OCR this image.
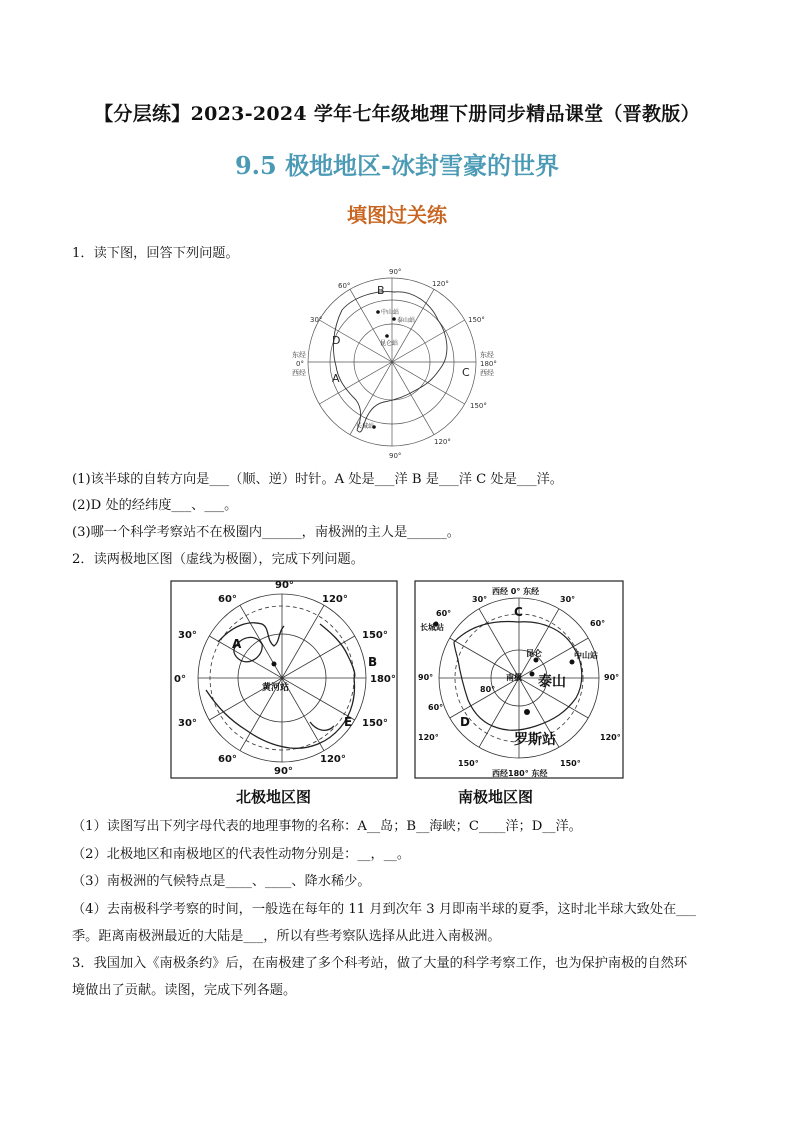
【分层练】2023-2024 学年七年级地理下册同步精品课堂（晋教版）
9.5 极地地区-冰封雪豪的世界
填图过关练
1．读下图，回答下列问题。
90°
120°
60°
30°	150°
东经
0°
西经
东经
180°
西经
150°
120°
90°
A
B
C
D
中山站
泰山站
昆仑站
长城站
(1)该半球的自转方向是___（顺、逆）时针。A 处是___洋 B 是___洋 C 处是___洋。
(2)D 处的经纬度___、___。
(3)哪一个科学考察站不在极圈内______，南极洲的主人是______。
2．读两极地区图（虚线为极圈），完成下列问题。
90°
60°	120°
30°	150°
0°	180°
30°	150°
60°	120°
90°
A
B
E
黄河站
北极地区图
西经 0° 东经
西经180° 东经
60°
30°
90°
60°
120°
150°
30°
60°
90°
120°
150°
80°
南极
昆仑	中山站
长城站
C
D
泰山
罗斯站
南极地区图
（1）读图写出下列字母代表的地理事物的名称：A__岛；B__海峡；C____洋；D__洋。
（2）北极地区和南极地区的代表性动物分别是：__，__。
（3）南极洲的气候特点是____、____、降水稀少。
（4）去南极科学考察的时间，一般选在每年的 11 月到次年 3 月即南半球的夏季，这时北半球大致处在___
季。距离南极洲最近的大陆是___，所以有些考察队选择从此进入南极洲。
3．我国加入《南极条约》后，在南极建了多个科考站，做了大量的科学考察工作，也为保护南极的自然环
境做出了贡献。读图，完成下列各题。
